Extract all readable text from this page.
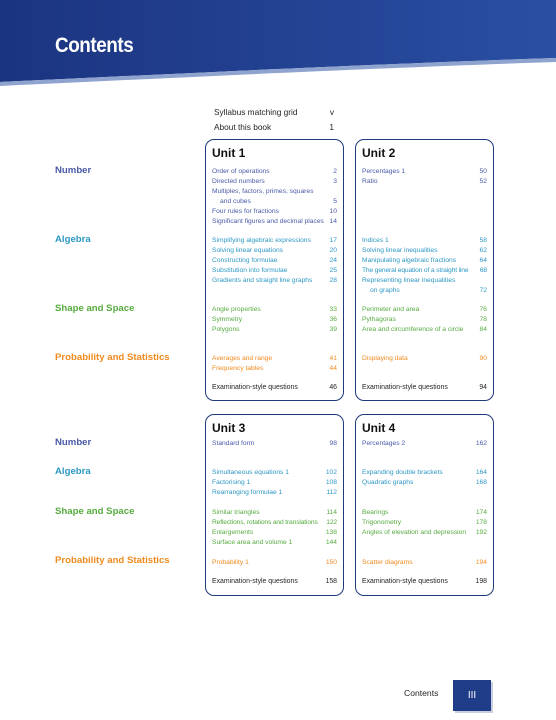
Contents
Syllabus matching grid	v
About this book	1
Number
Algebra
Shape and Space
Probability and Statistics
Number
Algebra
Shape and Space
Probability and Statistics
Unit 1
Order of operations	2
Directed numbers	3
Multiples, factors, primes, squares
and cubes	5
Four rules for fractions	10
Significant figures and decimal places 14
Simplifying algebraic expressions	17
Solving linear equations	20
Constructing formulae	24
Substitution into formulae	25
Gradients and straight line graphs	28
Angle properties	33
Symmetry	36
Polygons	39
Averages and range	41
Frequency tables	44
Examination-style questions	46
Unit 2
Percentages 1	50
Ratio	52
Indices 1	58
Solving linear inequalities	62
Manipulating algebraic fractions	64
The general equation of a straight line 68
Representing linear inequalities
on graphs	72
Perimeter and area	76
Pythagoras	78
Area and circumference of a circle 84
Displaying data	90
Examination-style questions	94
Unit 3
Standard form	98
Simultaneous equations 1	102
Factorising 1	108
Rearranging formulae 1	112
Similar triangles	114
Reflections, rotations and translations 122
Enlargements	138
Surface area and volume 1	144
Probability 1	150
Examination-style questions	158
Unit 4
Percentages 2	162
Expanding double brackets	164
Quadratic graphs	168
Bearings	174
Trigonometry	178
Angles of elevation and depression 192
Scatter diagrams	194
Examination-style questions	198
Contents	III
